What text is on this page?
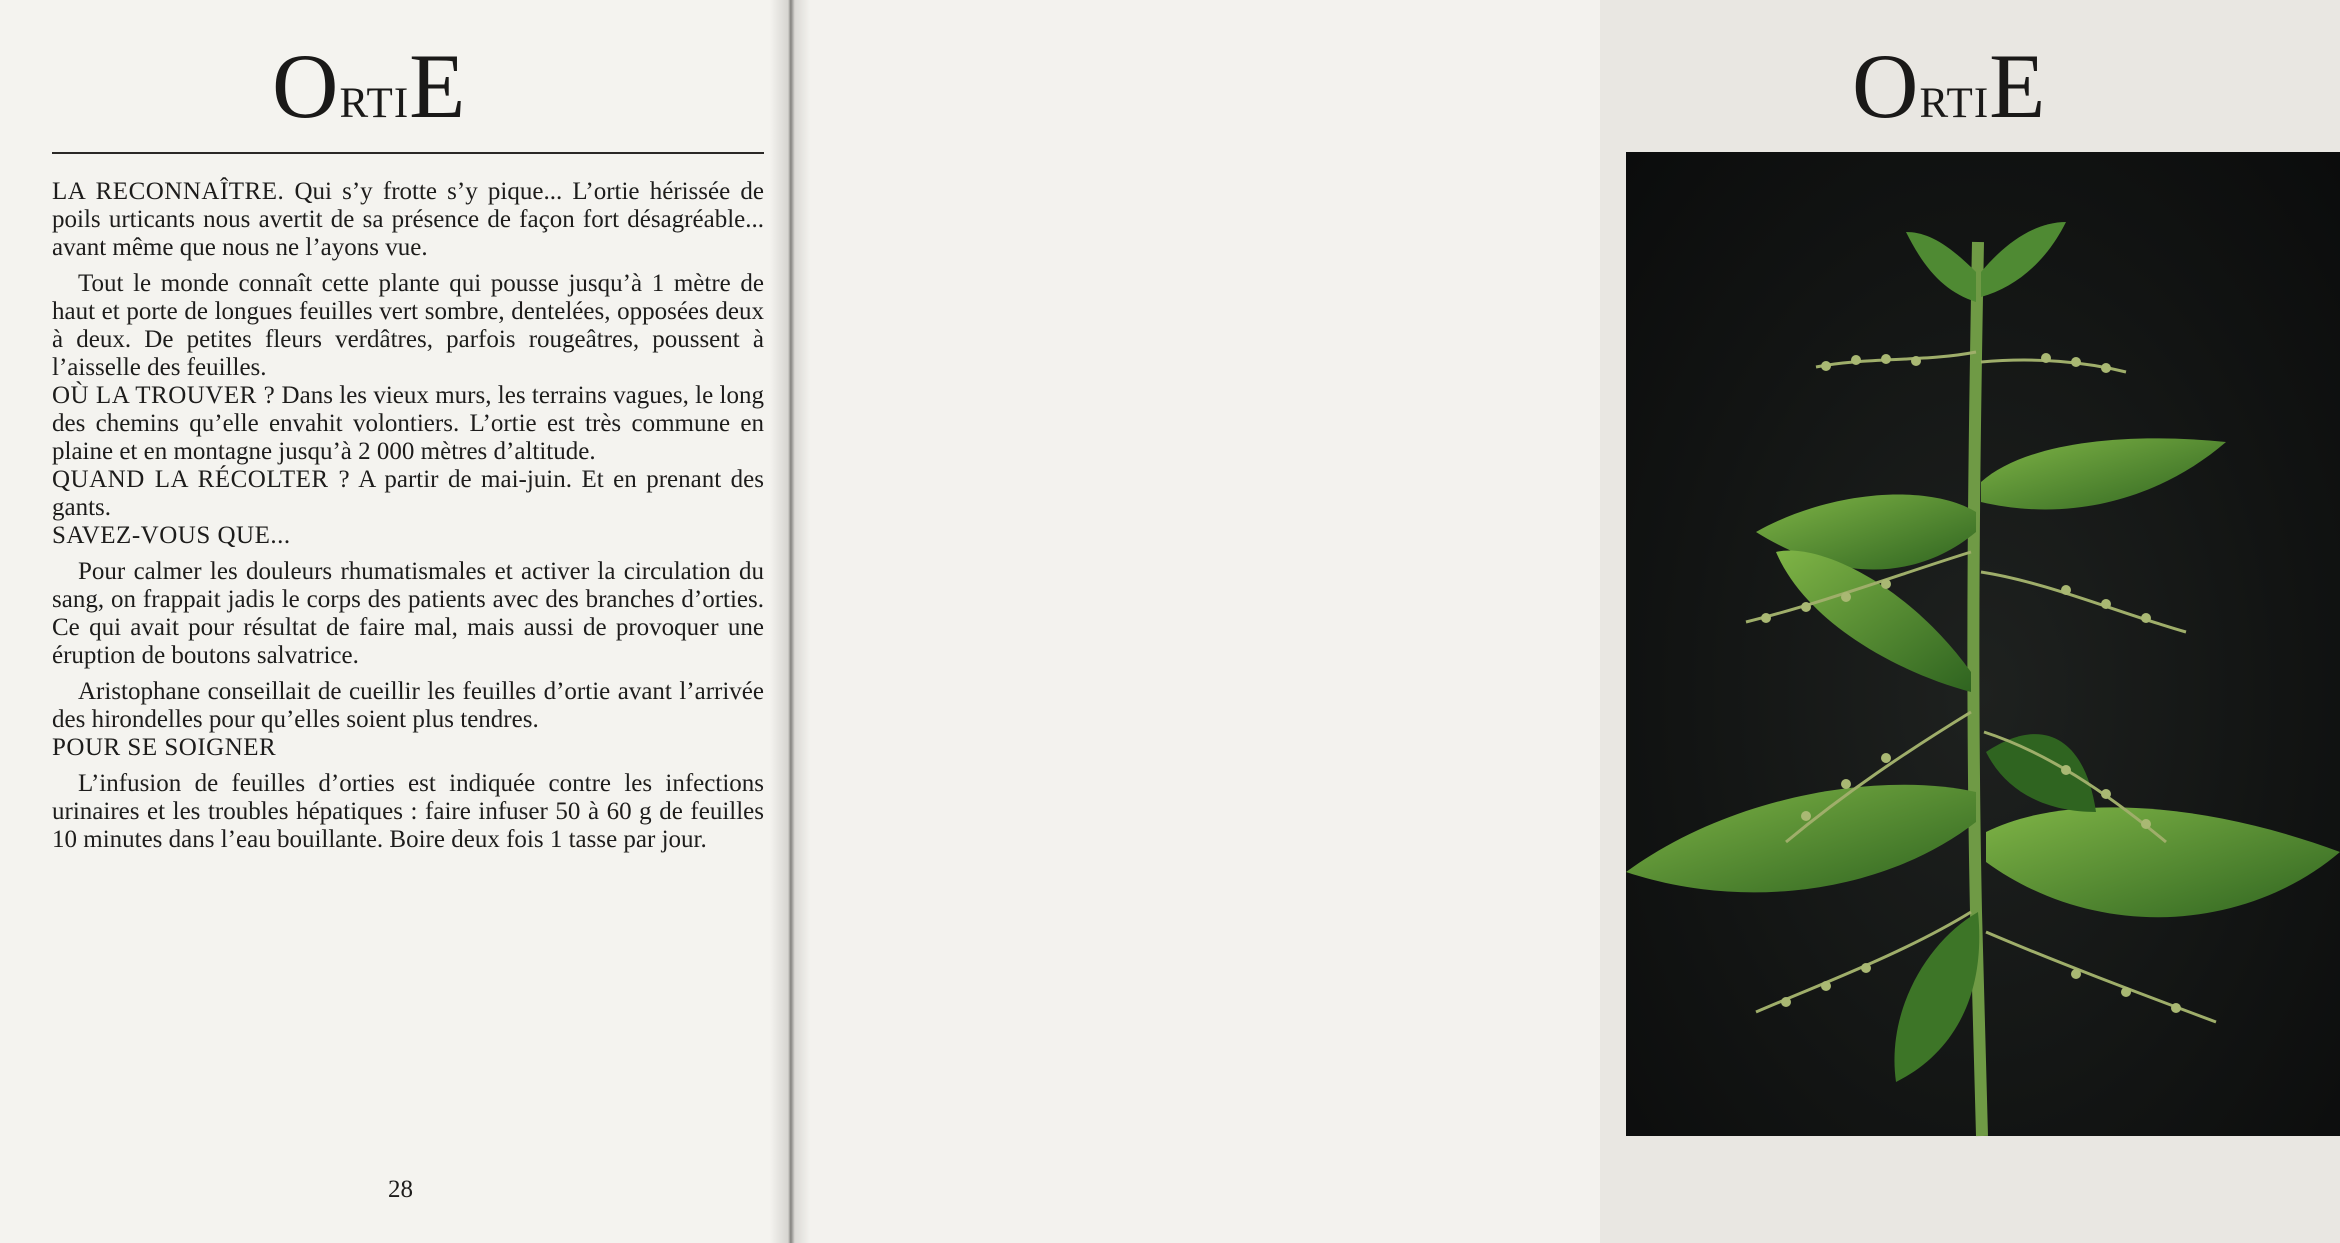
OrtiE

LA RECONNAÎTRE. Qui s’y frotte s’y pique... L’ortie hérissée de poils urticants nous avertit de sa présence de façon fort désagréable... avant même que nous ne l’ayons vue.

Tout le monde connaît cette plante qui pousse jusqu’à 1 mètre de haut et porte de longues feuilles vert sombre, dentelées, opposées deux à deux. De petites fleurs verdâtres, parfois rougeâtres, poussent à l’aisselle des feuilles.

OÙ LA TROUVER ? Dans les vieux murs, les terrains vagues, le long des chemins qu’elle envahit volontiers. L’ortie est très commune en plaine et en montagne jusqu’à 2 000 mètres d’altitude.

QUAND LA RÉCOLTER ? A partir de mai-juin. Et en prenant des gants.

SAVEZ-VOUS QUE...

Pour calmer les douleurs rhumatismales et activer la circulation du sang, on frappait jadis le corps des patients avec des branches d’orties. Ce qui avait pour résultat de faire mal, mais aussi de provoquer une éruption de boutons salvatrice.

Aristophane conseillait de cueillir les feuilles d’ortie avant l’arrivée des hirondelles pour qu’elles soient plus tendres.

POUR SE SOIGNER

L’infusion de feuilles d’orties est indiquée contre les infections urinaires et les troubles hépatiques : faire infuser 50 à 60 g de feuilles 10 minutes dans l’eau bouillante. Boire deux fois 1 tasse par jour.

28
OrtiE
